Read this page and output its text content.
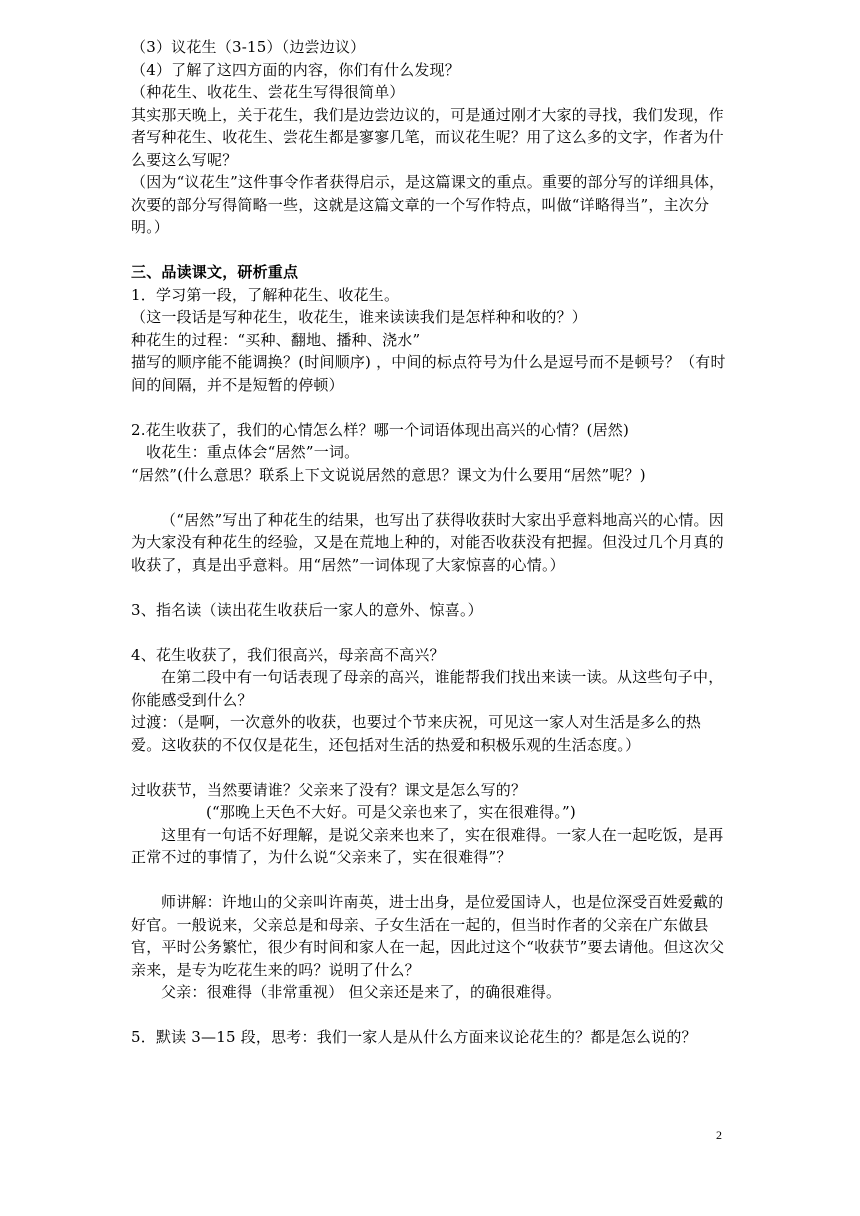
（3）议花生（3-15）（边尝边议）

（4）了解了这四方面的内容，你们有什么发现？

（种花生、收花生、尝花生写得很简单）

其实那天晚上，关于花生，我们是边尝边议的，可是通过刚才大家的寻找，我们发现，作者写种花生、收花生、尝花生都是寥寥几笔，而议花生呢？用了这么多的文字，作者为什么要这么写呢？

（因为“议花生”这件事令作者获得启示，是这篇课文的重点。重要的部分写的详细具体，次要的部分写得简略一些，这就是这篇文章的一个写作特点，叫做“详略得当”，主次分明。）

三、品读课文，研析重点

1．学习第一段，了解种花生、收花生。

（这一段话是写种花生，收花生，谁来读读我们是怎样种和收的？）

种花生的过程：“买种、翻地、播种、浇水”

描写的顺序能不能调换？(时间顺序) ，中间的标点符号为什么是逗号而不是顿号？（有时间的间隔，并不是短暂的停顿）

2.花生收获了，我们的心情怎么样？哪一个词语体现出高兴的心情？(居然)

收花生：重点体会“居然”一词。

“居然”(什么意思？联系上下文说说居然的意思？课文为什么要用“居然”呢？)

（“居然”写出了种花生的结果，也写出了获得收获时大家出乎意料地高兴的心情。因为大家没有种花生的经验，又是在荒地上种的，对能否收获没有把握。但没过几个月真的收获了，真是出乎意料。用“居然”一词体现了大家惊喜的心情。）

3、指名读（读出花生收获后一家人的意外、惊喜。）

4、花生收获了，我们很高兴，母亲高不高兴？

在第二段中有一句话表现了母亲的高兴，谁能帮我们找出来读一读。从这些句子中，你能感受到什么？

过渡：（是啊，一次意外的收获，也要过个节来庆祝，可见这一家人对生活是多么的热爱。这收获的不仅仅是花生，还包括对生活的热爱和积极乐观的生活态度。）

过收获节，当然要请谁？父亲来了没有？课文是怎么写的？

(“那晚上天色不大好。可是父亲也来了，实在很难得。”)

这里有一句话不好理解，是说父亲来也来了，实在很难得。一家人在一起吃饭，是再正常不过的事情了，为什么说“父亲来了，实在很难得”？

师讲解：许地山的父亲叫许南英，进士出身，是位爱国诗人，也是位深受百姓爱戴的好官。一般说来，父亲总是和母亲、子女生活在一起的，但当时作者的父亲在广东做县官，平时公务繁忙，很少有时间和家人在一起，因此过这个“收获节”要去请他。但这次父亲来，是专为吃花生来的吗？说明了什么？

父亲：很难得（非常重视） 但父亲还是来了，的确很难得。

5．默读 3—15 段，思考：我们一家人是从什么方面来议论花生的？都是怎么说的？

2
